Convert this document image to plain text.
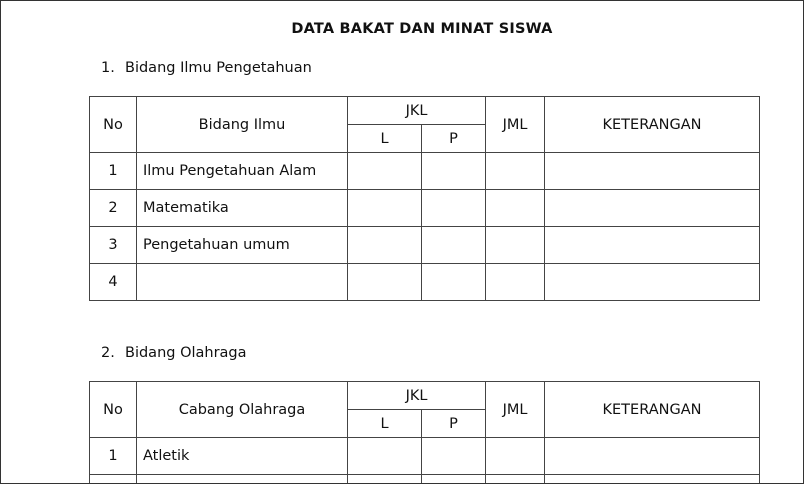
DATA BAKAT DAN MINAT SISWA
1. Bidang Ilmu Pengetahuan
No	Bidang Ilmu	JKL		JML	KETERANGAN
		L	P		
1	Ilmu Pengetahuan Alam				
2	Matematika				
3	Pengetahuan umum				
4					
2. Bidang Olahraga
No	Cabang Olahraga	JKL		JML	KETERANGAN
		L	P		
1	Atletik				
